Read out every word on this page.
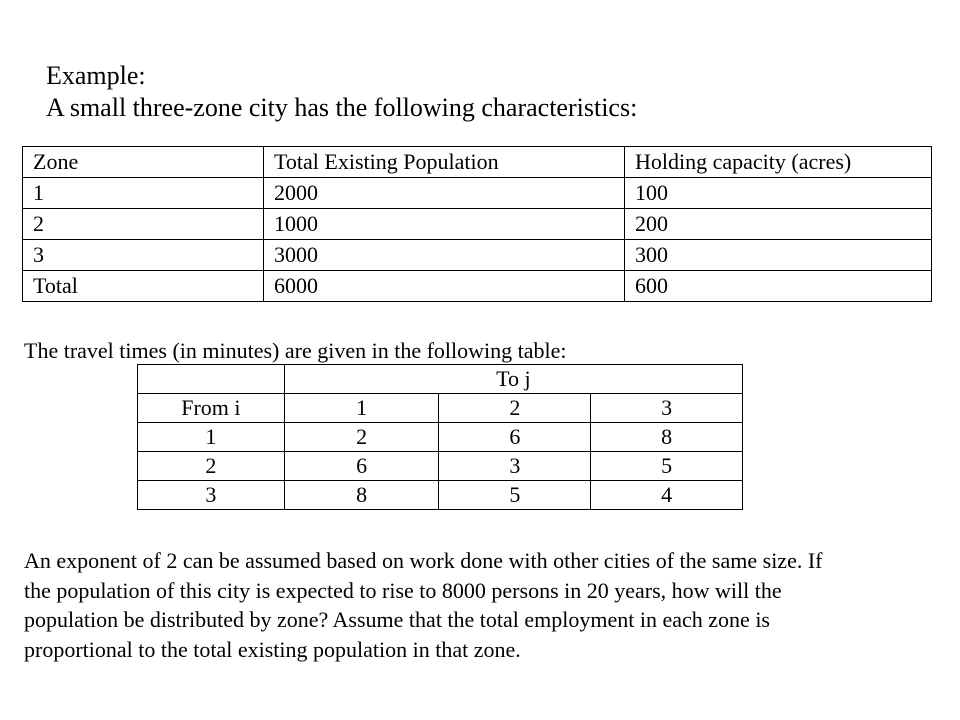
Example:
A small three-zone city has the following characteristics:
Zone	Total Existing Population	Holding capacity (acres)
1	2000	100
2	1000	200
3	3000	300
Total	6000	600
The travel times (in minutes) are given in the following table:
	To j		
From i	1	2	3
1	2	6	8
2	6	3	5
3	8	5	4
An exponent of 2 can be assumed based on work done with other cities of the same size. If
the population of this city is expected to rise to 8000 persons in 20 years, how will the
population be distributed by zone? Assume that the total employment in each zone is
proportional to the total existing population in that zone.
